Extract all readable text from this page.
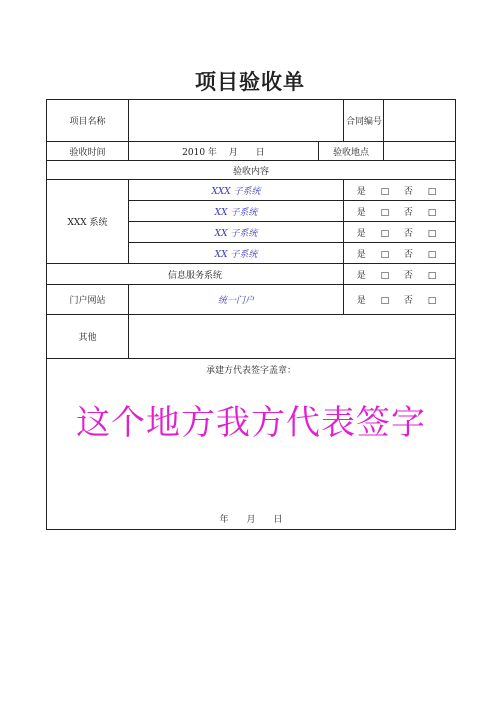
项目验收单
项目名称			合同编号	
验收时间	2010 年　 月　　日	验收地点		
验收内容				
XXX 系统	XXX 子系统		是 □ 否 □	
	XX 子系统		是 □ 否 □	
	XX 子系统		是 □ 否 □	
	XX 子系统		是 □ 否 □	
信息服务系统			是 □ 否 □	
门户网站	统一门户		是 □ 否 □	
其他				

承建方代表签字盖章：
这个地方我方代表签字
年　　月　　日				
